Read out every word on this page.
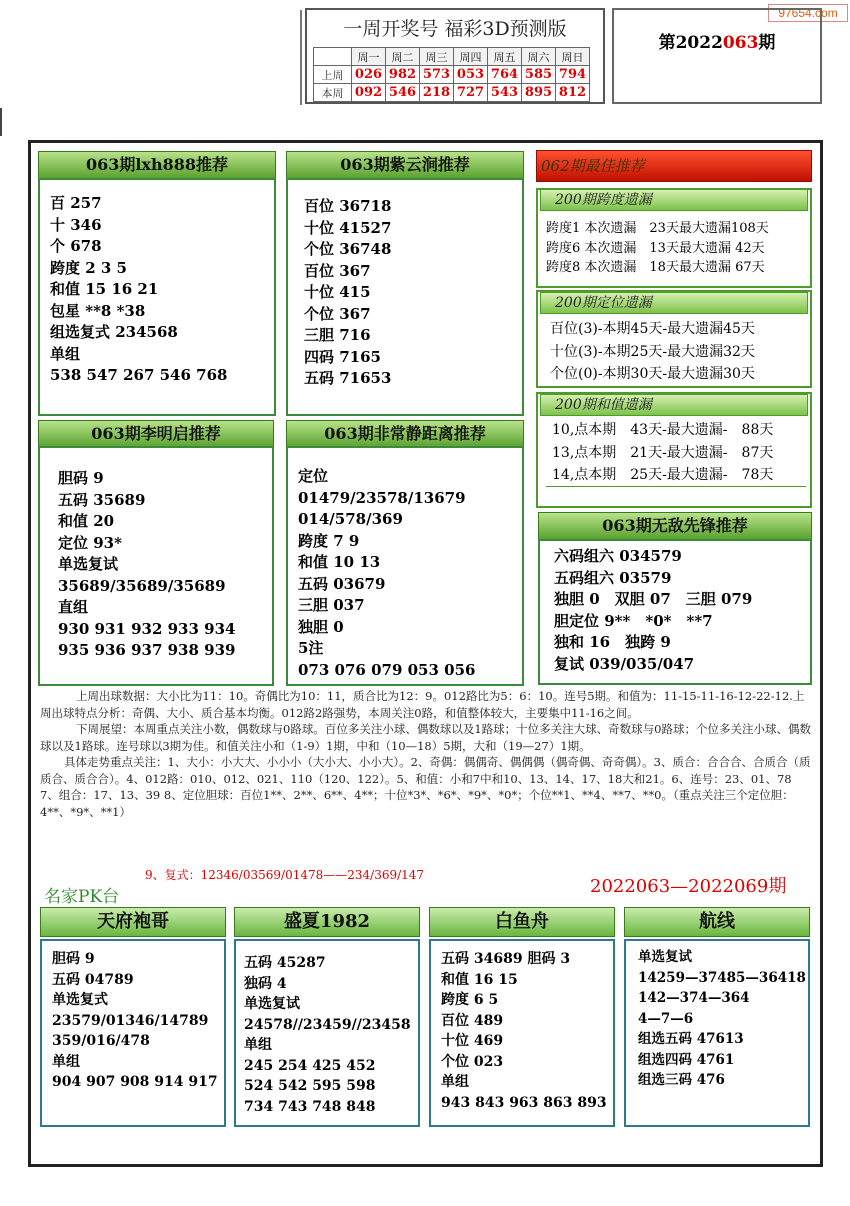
97654.com
一周开奖号 福彩3D预测版
	周一	周二	周三	周四	周五	周六	周日
上周	026	982	573	053	764	585	794
本周	092	546	218	727	543	895	812
第2022063期
063期lxh888推荐
百 257
十 346
个 678
跨度 2 3 5
和值 15 16 21
包星 **8 *38
组选复式 234568
单组
538 547 267 546 768
063期紫云涧推荐
百位 36718
十位 41527
个位 36748
百位 367
十位 415
个位 367
三胆 716
四码 7165
五码 71653
063期李明启推荐
胆码 9
五码 35689
和值 20
定位 93*
单选复试
35689/35689/35689
直组
930 931 932 933 934
935 936 937 938 939
063期非常静距离推荐
定位
01479/23578/13679
014/578/369
跨度 7 9
和值 10 13
五码 03679
三胆 037
独胆 0
5注
073 076 079 053 056
062期最佳推荐
200期跨度遗漏
跨度1 本次遗漏　23天最大遗漏108天
跨度6 本次遗漏　13天最大遗漏 42天
跨度8 本次遗漏　18天最大遗漏 67天
200期定位遗漏
百位(3)-本期45天-最大遗漏45天
十位(3)-本期25天-最大遗漏32天
个位(0)-本期30天-最大遗漏30天
200期和值遗漏
10,点本期　43天-最大遗漏-　88天
13,点本期　21天-最大遗漏-　87天
14,点本期　25天-最大遗漏-　78天
063期无敌先锋推荐
六码组六 034579
五码组六 03579
独胆 0　双胆 07　三胆 079
胆定位 9**　*0*　**7
独和 16　独跨 9
复试 039/035/047

上周出球数据：大小比为11：10。奇偶比为10：11，质合比为12：9。012路比为5：6：10。连号5期。和值为：11-15-11-16-12-22-12.上周出球特点分析：奇偶、大小、质合基本均衡。012路2路强势，本周关注0路，和值整体较大，主要集中11-16之间。

下周展望：本周重点关注小数，偶数球与0路球。百位多关注小球、偶数球以及1路球；十位多关注大球、奇数球与0路球；个位多关注小球、偶数球以及1路球。连号球以3期为佳。和值关注小和（1-9）1期，中和（10—18）5期，大和（19—27）1期。

具体走势重点关注：1、大小：小大大、小小小（大小大、小小大）。2、奇偶：偶偶奇、偶偶偶（偶奇偶、奇奇偶）。3、质合：合合合、合质合（质质合、质合合）。4、012路：010、012、021、110（120、122）。5、和值：小和7中和10、13、14、17、18大和21。6、连号：23、01、78　7、组合：17、13、39 8、定位胆球：百位1**、2**、6**、4**；十位*3*、*6*、*9*、*0*；个位**1、**4、**7、**0。（重点关注三个定位胆：4**、*9*、**1）

9、复式：12346/03569/01478——234/369/147
名家PK台	2022063—2022069期
天府袍哥
胆码 9
五码 04789
单选复式
23579/01346/14789
359/016/478
单组
904 907 908 914 917
盛夏1982
五码 45287
独码 4
单选复试
24578//23459//23458
单组
245 254 425 452
524 542 595 598
734 743 748 848
白鱼舟
五码 34689 胆码 3
和值 16 15
跨度 6 5
百位 489
十位 469
个位 023
单组
943 843 963 863 893
航线
单选复试
14259—37485—36418
142—374—364
4—7—6
组选五码 47613
组选四码 4761
组选三码 476
